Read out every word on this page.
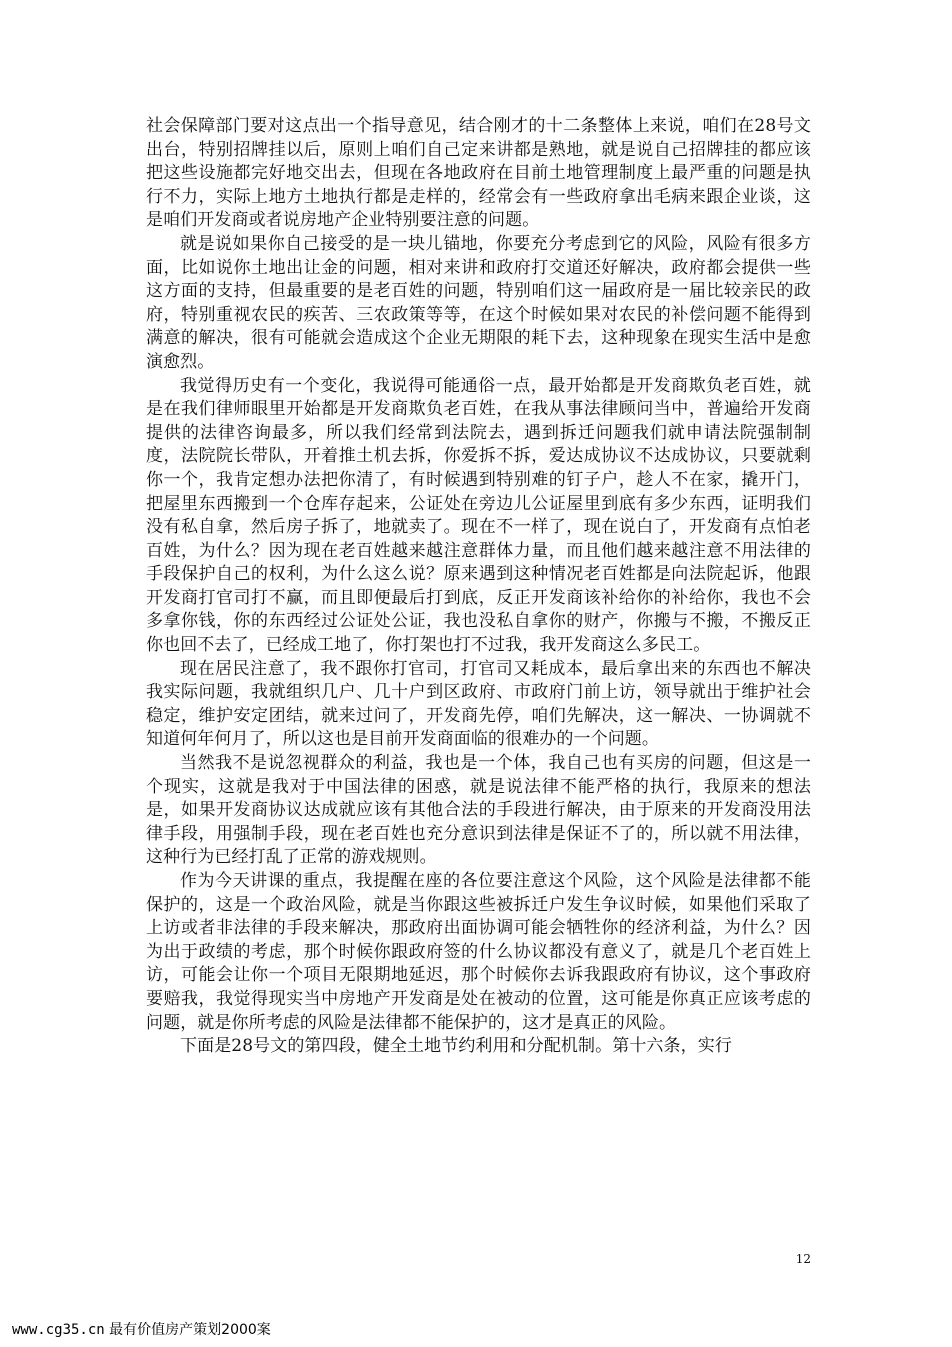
社会保障部门要对这点出一个指导意见，结合刚才的十二条整体上来说，咱们在28号文出台，特别招牌挂以后，原则上咱们自己定来讲都是熟地，就是说自己招牌挂的都应该把这些设施都完好地交出去，但现在各地政府在目前土地管理制度上最严重的问题是执行不力，实际上地方土地执行都是走样的，经常会有一些政府拿出毛病来跟企业谈，这是咱们开发商或者说房地产企业特别要注意的问题。

就是说如果你自己接受的是一块儿锚地，你要充分考虑到它的风险，风险有很多方面，比如说你土地出让金的问题，相对来讲和政府打交道还好解决，政府都会提供一些这方面的支持，但最重要的是老百姓的问题，特别咱们这一届政府是一届比较亲民的政府，特别重视农民的疾苦、三农政策等等，在这个时候如果对农民的补偿问题不能得到满意的解决，很有可能就会造成这个企业无期限的耗下去，这种现象在现实生活中是愈演愈烈。

我觉得历史有一个变化，我说得可能通俗一点，最开始都是开发商欺负老百姓，就是在我们律师眼里开始都是开发商欺负老百姓，在我从事法律顾问当中，普遍给开发商提供的法律咨询最多，所以我们经常到法院去，遇到拆迁问题我们就申请法院强制制度，法院院长带队，开着推土机去拆，你爱拆不拆，爱达成协议不达成协议，只要就剩你一个，我肯定想办法把你清了，有时候遇到特别难的钉子户，趁人不在家，撬开门，把屋里东西搬到一个仓库存起来，公证处在旁边儿公证屋里到底有多少东西，证明我们没有私自拿，然后房子拆了，地就卖了。现在不一样了，现在说白了，开发商有点怕老百姓，为什么？因为现在老百姓越来越注意群体力量，而且他们越来越注意不用法律的手段保护自己的权利，为什么这么说？原来遇到这种情况老百姓都是向法院起诉，他跟开发商打官司打不赢，而且即便最后打到底，反正开发商该补给你的补给你，我也不会多拿你钱，你的东西经过公证处公证，我也没私自拿你的财产，你搬与不搬，不搬反正你也回不去了，已经成工地了，你打架也打不过我，我开发商这么多民工。

现在居民注意了，我不跟你打官司，打官司又耗成本，最后拿出来的东西也不解决我实际问题，我就组织几户、几十户到区政府、市政府门前上访，领导就出于维护社会稳定，维护安定团结，就来过问了，开发商先停，咱们先解决，这一解决、一协调就不知道何年何月了，所以这也是目前开发商面临的很难办的一个问题。

当然我不是说忽视群众的利益，我也是一个体，我自己也有买房的问题，但这是一个现实，这就是我对于中国法律的困惑，就是说法律不能严格的执行，我原来的想法是，如果开发商协议达成就应该有其他合法的手段进行解决，由于原来的开发商没用法律手段，用强制手段，现在老百姓也充分意识到法律是保证不了的，所以就不用法律，这种行为已经打乱了正常的游戏规则。

作为今天讲课的重点，我提醒在座的各位要注意这个风险，这个风险是法律都不能保护的，这是一个政治风险，就是当你跟这些被拆迁户发生争议时候，如果他们采取了上访或者非法律的手段来解决，那政府出面协调可能会牺牲你的经济利益，为什么？因为出于政绩的考虑，那个时候你跟政府签的什么协议都没有意义了，就是几个老百姓上访，可能会让你一个项目无限期地延迟，那个时候你去诉我跟政府有协议，这个事政府要赔我，我觉得现实当中房地产开发商是处在被动的位置，这可能是你真正应该考虑的问题，就是你所考虑的风险是法律都不能保护的，这才是真正的风险。

下面是28号文的第四段，健全土地节约利用和分配机制。第十六条，实行

12
www.cg35.cn 最有价值房产策划2000案
